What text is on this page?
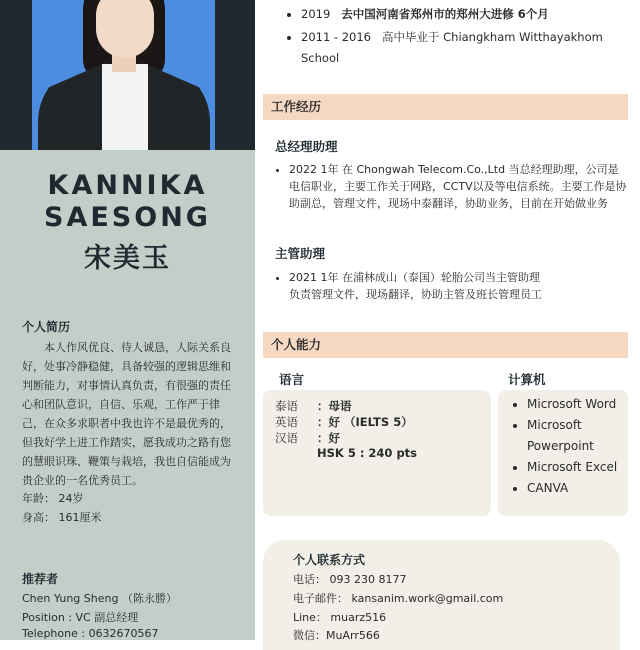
KANNIKA
SAESONG
宋美玉
个人简历
本人作风优良、待人诚恳，人际关系良好，处事冷静稳健，具备较强的逻辑思维和判断能力，对事情认真负责，有很强的责任心和团队意识，自信、乐观，工作严于律己，在众多求职者中我也许不是最优秀的，但我好学上进工作踏实，愿我成功之路有您的慧眼识珠、鞭策与栽培，我也自信能成为贵企业的一名优秀员工。
年龄： 24岁
身高： 161厘米
推荐者
Chen Yung Sheng （陈永勝）
Position : VC 副总经理
Telephone : 0632670567
• 2019 去中国河南省郑州市的郑州大进修 6个月
• 2011 - 2016 高中毕业于 Chiangkham Witthayakhom School
工作经历
总经理助理
• 2022 1年 在 Chongwah Telecom.Co.,Ltd 当总经理助理，公司是电信职业，主要工作关于网路，CCTV以及等电信系统。主要工作是协助副总，管理文件，现场中泰翻译，协助业务，目前在开始做业务
主管助理
• 2021 1年 在浦林成山（泰国）轮胎公司当主管助理
负责管理文件，现场翻译，协助主管及班长管理员工
个人能力
语言
泰语 ：母语
英语 ：好 （IELTS 5）
汉语 ：好
HSK 5 : 240 pts
计算机
• Microsoft Word
• Microsoft Powerpoint
• Microsoft Excel
• CANVA
个人联系方式
电话： 093 230 8177
电子邮件： kansanim.work@gmail.com
Line： muarz516
微信：MuArr566
